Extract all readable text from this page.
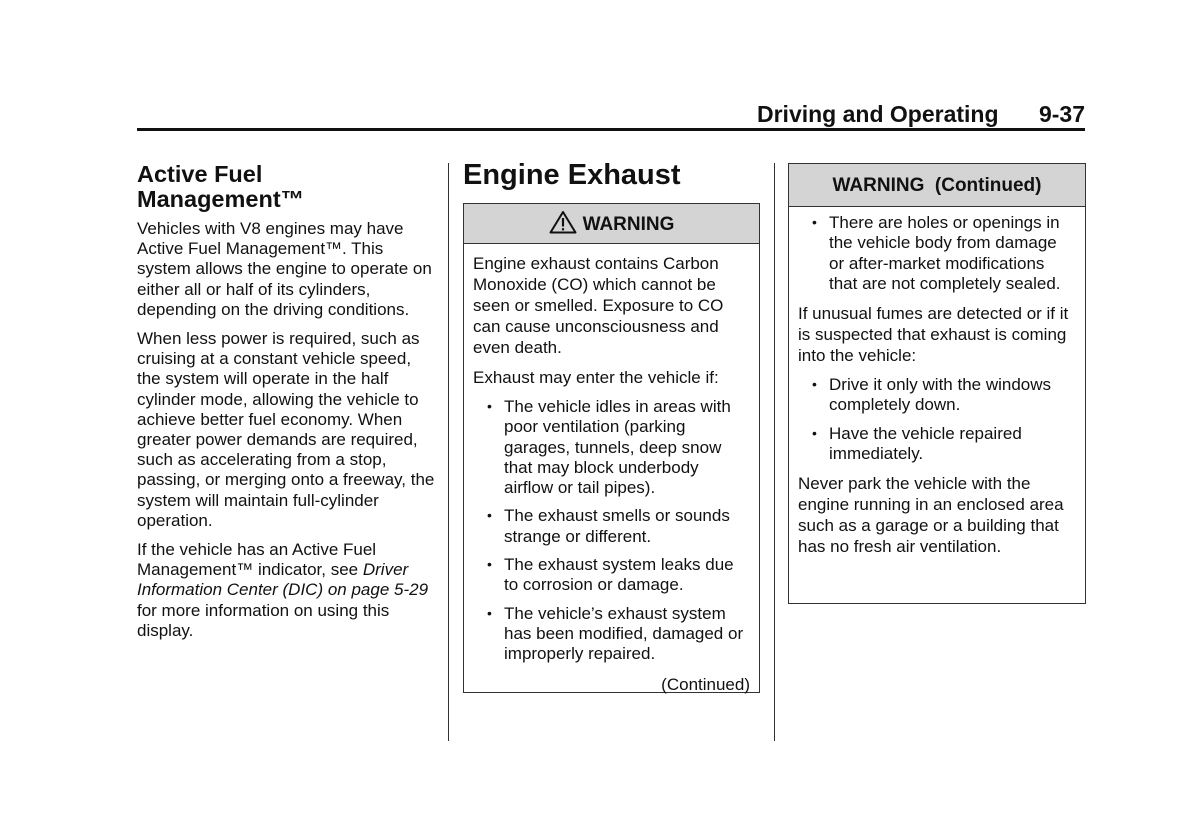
Driving and Operating 9-37
Active Fuel Management™

Vehicles with V8 engines may have Active Fuel Management™. This system allows the engine to operate on either all or half of its cylinders, depending on the driving conditions.

When less power is required, such as cruising at a constant vehicle speed, the system will operate in the half cylinder mode, allowing the vehicle to achieve better fuel economy. When greater power demands are required, such as accelerating from a stop, passing, or merging onto a freeway, the system will maintain full-cylinder operation.

If the vehicle has an Active Fuel Management™ indicator, see Driver Information Center (DIC) on page 5-29 for more information on using this display.

Engine Exhaust
WARNING

Engine exhaust contains Carbon Monoxide (CO) which cannot be seen or smelled. Exposure to CO can cause unconsciousness and even death.

Exhaust may enter the vehicle if:

• The vehicle idles in areas with poor ventilation (parking garages, tunnels, deep snow that may block underbody airflow or tail pipes).
• The exhaust smells or sounds strange or different.
• The exhaust system leaks due to corrosion or damage.
• The vehicle’s exhaust system has been modified, damaged or improperly repaired.
(Continued)
WARNING  (Continued)
• There are holes or openings in the vehicle body from damage or after-market modifications that are not completely sealed.

If unusual fumes are detected or if it is suspected that exhaust is coming into the vehicle:

• Drive it only with the windows completely down.
• Have the vehicle repaired immediately.

Never park the vehicle with the engine running in an enclosed area such as a garage or a building that has no fresh air ventilation.
